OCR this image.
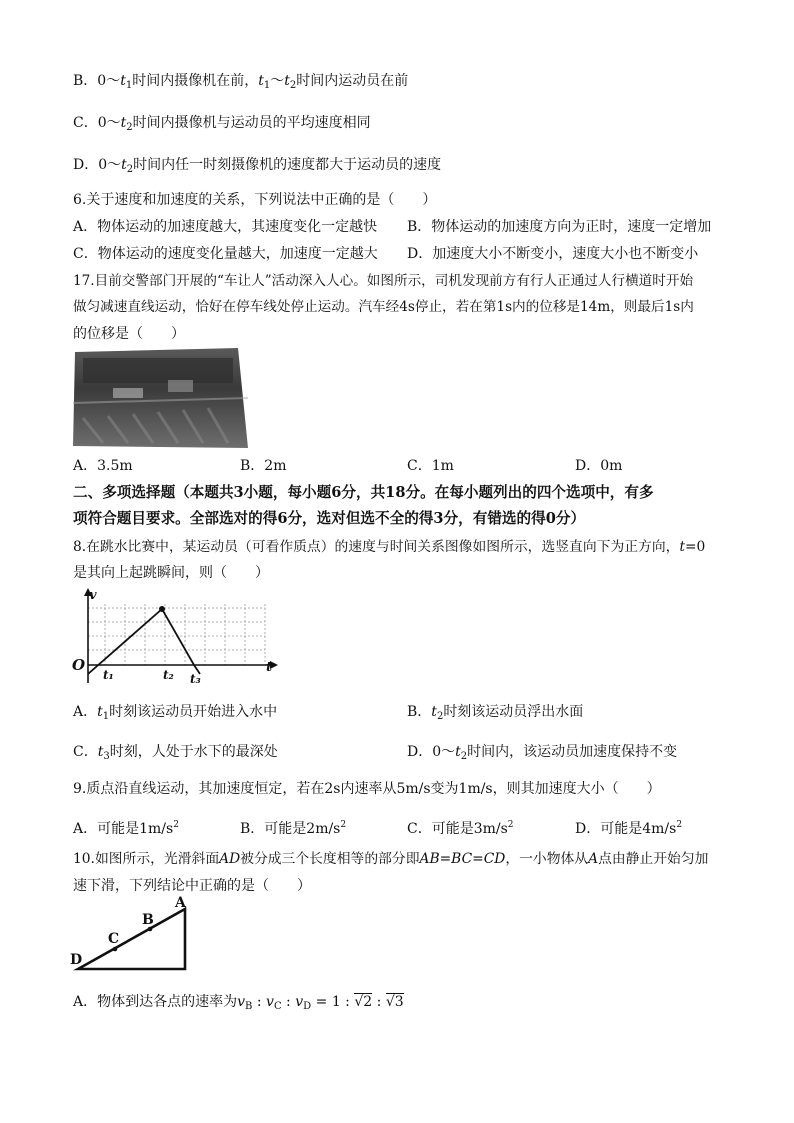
B．$0\sim t_1$时间内摄像机在前，$t_1\sim t_2$时间内运动员在前
C．$0\sim t_2$时间内摄像机与运动员的平均速度相同
D．$0\sim t_2$时间内任一时刻摄像机的速度都大于运动员的速度
6.关于速度和加速度的关系，下列说法中正确的是（　　）
A．物体运动的加速度越大，其速度变化一定越快 B．物体运动的加速度方向为正时，速度一定增加
C．物体运动的速度变化量越大，加速度一定越大 D．加速度大小不断变小，速度大小也不断变小
17.目前交警部门开展的“车让人”活动深入人心。如图所示，司机发现前方有行人正通过人行横道时开始
做匀减速直线运动，恰好在停车线处停止运动。汽车经4s停止，若在第1s内的位移是14m，则最后1s内
的位移是（　　）
A．3.5m	B．2m	C．1m	D．0m
二、多项选择题（本题共3小题，每小题6分，共18分。在每小题列出的四个选项中，有多
项符合题目要求。全部选对的得6分，选对但选不全的得3分，有错选的得0分）
8.在跳水比赛中，某运动员（可看作质点）的速度与时间关系图像如图所示，选竖直向下为正方向，t=0
是其向上起跳瞬间，则（　　）
v
t
O
t₁	t₂ t₃
A．$t_1$时刻该运动员开始进入水中	B．$t_2$时刻该运动员浮出水面
C．$t_3$时刻，人处于水下的最深处	D．$0\sim t_2$时间内，该运动员加速度保持不变
9.质点沿直线运动，其加速度恒定，若在2s内速率从5m/s变为1m/s，则其加速度大小（　　）
A．可能是$1m/s^2$	B．可能是$2m/s^2$	C．可能是$3m/s^2$	D．可能是$4m/s^2$
10.如图所示，光滑斜面AD被分成三个长度相等的部分即AB=BC=CD，一小物体从A点由静止开始匀加
速下滑，下列结论中正确的是（　　）
A
B
C
D
A．物体到达各点的速率为$v_B$ : $v_C$ : $v_D = 1$ : √2 : √3
